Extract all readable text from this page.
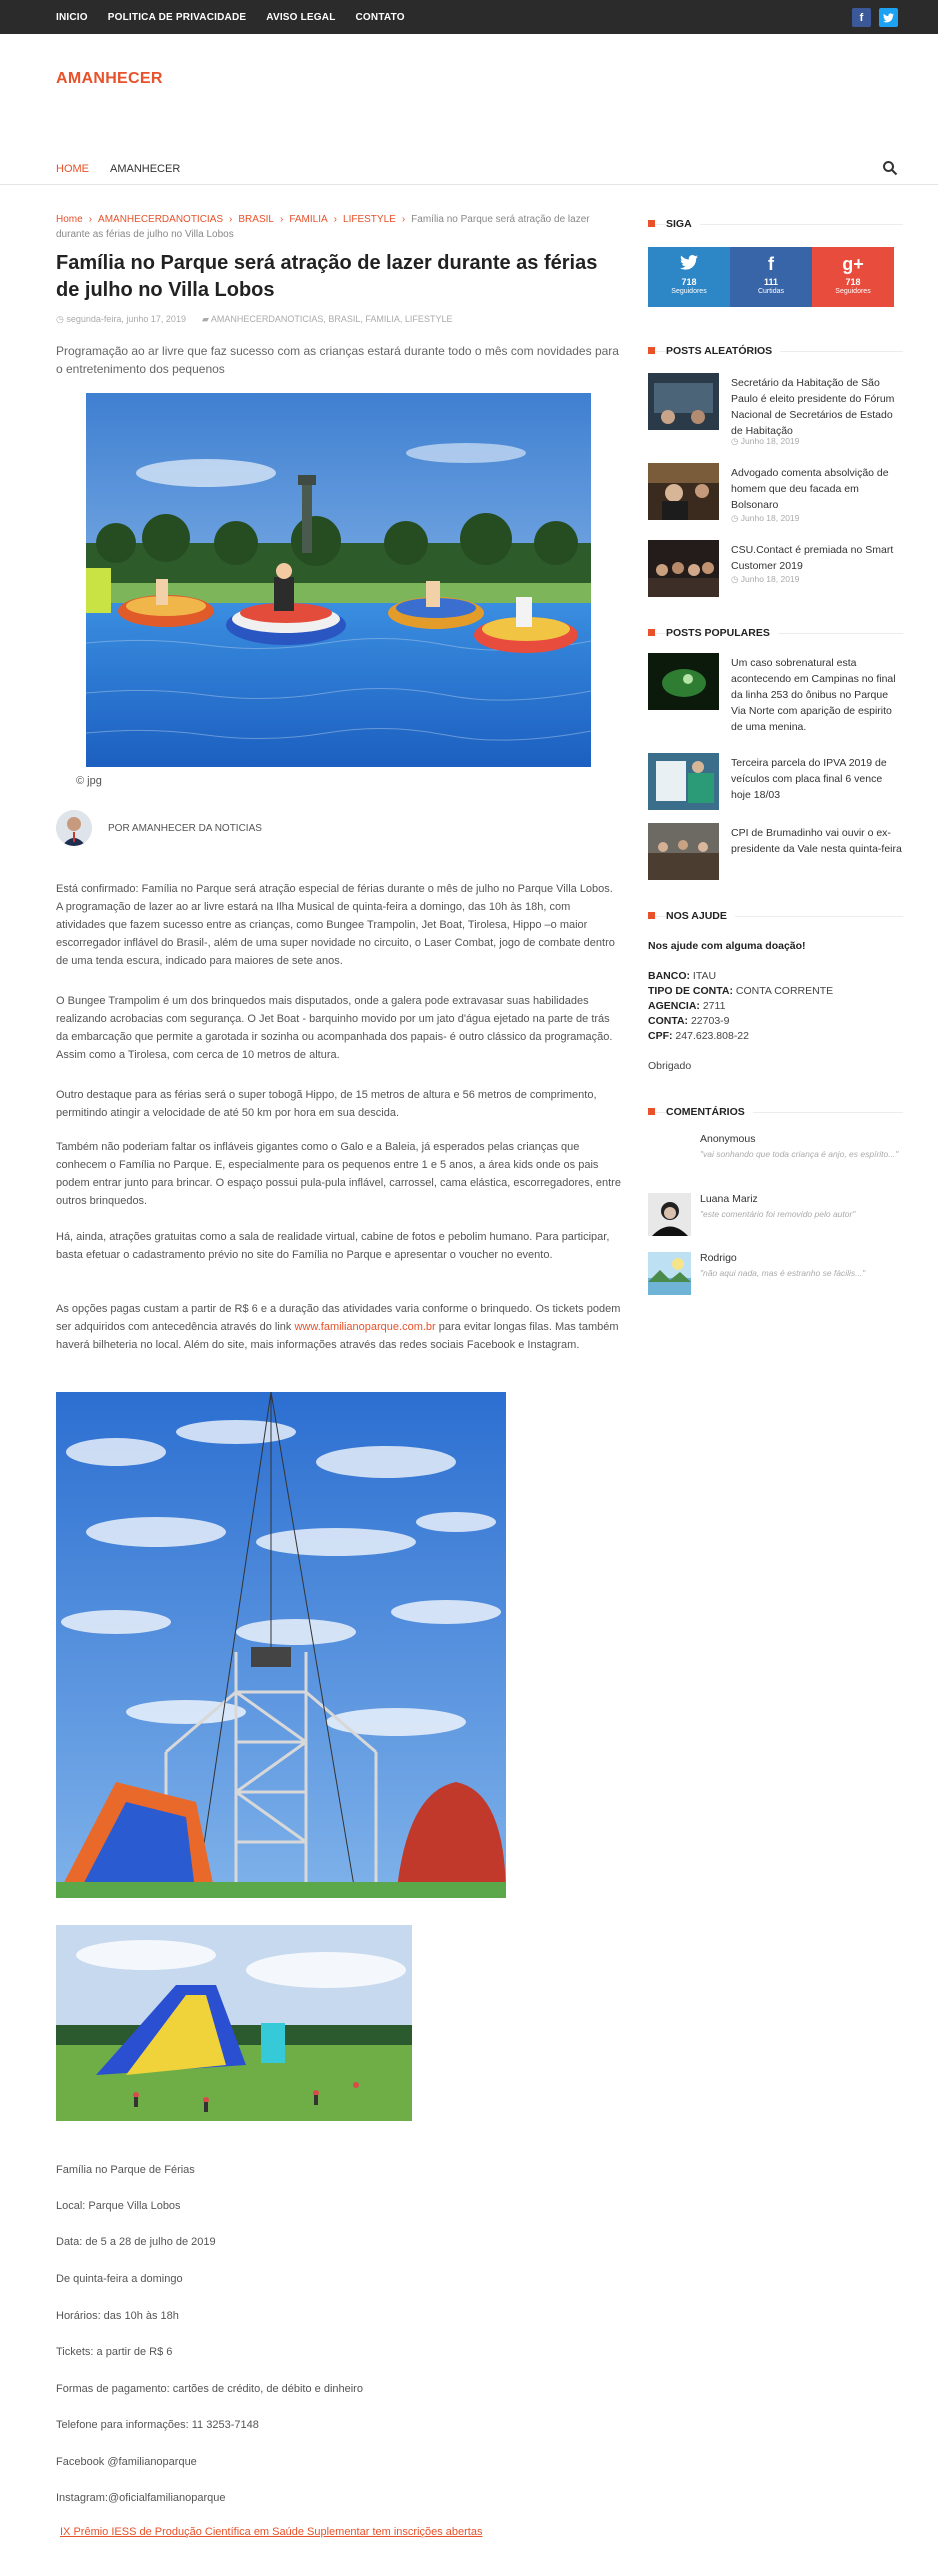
INICIO POLITICA DE PRIVACIDADE AVISO LEGAL CONTATO	f
AMANHECER
HOME AMANHECER
Home › AMANHECERDANOTICIAS › BRASIL › FAMILIA › LIFESTYLE › Família no Parque será atração de lazer durante as férias de julho no Villa Lobos
Família no Parque será atração de lazer durante as férias de julho no Villa Lobos
◷ segunda-feira, junho 17, 2019 ▰ AMANHECERDANOTICIAS, BRASIL, FAMILIA, LIFESTYLE

Programação ao ar livre que faz sucesso com as crianças estará durante todo o mês com novidades para o entretenimento dos pequenos

© jpg
POR AMANHECER DA NOTICIAS

Está confirmado: Família no Parque será atração especial de férias durante o mês de julho no Parque Villa Lobos. A programação de lazer ao ar livre estará na Ilha Musical de quinta-feira a domingo, das 10h às 18h, com atividades que fazem sucesso entre as crianças, como Bungee Trampolin, Jet Boat, Tirolesa, Hippo –o maior escorregador inflável do Brasil-, além de uma super novidade no circuito, o Laser Combat, jogo de combate dentro de uma tenda escura, indicado para maiores de sete anos.

O Bungee Trampolim é um dos brinquedos mais disputados, onde a galera pode extravasar suas habilidades realizando acrobacias com segurança. O Jet Boat - barquinho movido por um jato d'água ejetado na parte de trás da embarcação que permite a garotada ir sozinha ou acompanhada dos papais- é outro clássico da programação. Assim como a Tirolesa, com cerca de 10 metros de altura.

Outro destaque para as férias será o super tobogã Hippo, de 15 metros de altura e 56 metros de comprimento, permitindo atingir a velocidade de até 50 km por hora em sua descida.

Também não poderiam faltar os infláveis gigantes como o Galo e a Baleia, já esperados pelas crianças que conhecem o Família no Parque. E, especialmente para os pequenos entre 1 e 5 anos, a área kids onde os pais podem entrar junto para brincar. O espaço possui pula-pula inflável, carrossel, cama elástica, escorregadores, entre outros brinquedos.

Há, ainda, atrações gratuitas como a sala de realidade virtual, cabine de fotos e pebolim humano. Para participar, basta efetuar o cadastramento prévio no site do Família no Parque e apresentar o voucher no evento.

As opções pagas custam a partir de R$ 6 e a duração das atividades varia conforme o brinquedo. Os tickets podem ser adquiridos com antecedência através do link www.familianoparque.com.br para evitar longas filas. Mas também haverá bilheteria no local. Além do site, mais informações através das redes sociais Facebook e Instagram.

Família no Parque de Férias
Local: Parque Villa Lobos
Data: de 5 a 28 de julho de 2019
De quinta-feira a domingo
Horários: das 10h às 18h
Tickets: a partir de R$ 6
Formas de pagamento: cartões de crédito, de débito e dinheiro
Telefone para informações: 11 3253-7148
Facebook @familianoparque
Instagram:@oficialfamilianoparque
IX Prêmio IESS de Produção Científica em Saúde Suplementar tem inscrições abertas
SIGA
718
Seguidores
f
111
Curtidas
g+
718
Seguidores
POSTS ALEATÓRIOS
Secretário da Habitação de São Paulo é eleito presidente do Fórum Nacional de Secretários de Estado de Habitação
◷ Junho 18, 2019
Advogado comenta absolvição de homem que deu facada em Bolsonaro
◷ Junho 18, 2019
CSU.Contact é premiada no Smart Customer 2019
◷ Junho 18, 2019
POSTS POPULARES
Um caso sobrenatural esta acontecendo em Campinas no final da linha 253 do ônibus no Parque Via Norte com aparição de espirito de uma menina.
Terceira parcela do IPVA 2019 de veículos com placa final 6 vence hoje 18/03
CPI de Brumadinho vai ouvir o ex-presidente da Vale nesta quinta-feira
NOS AJUDE
Nos ajude com alguma doação!
BANCO: ITAU
TIPO DE CONTA: CONTA CORRENTE
AGENCIA: 2711
CONTA: 22703-9
CPF: 247.623.808-22
Obrigado
COMENTÁRIOS
Anonymous
"vai sonhando que toda criança é anjo, es espírito..."
Luana Mariz
"este comentário foi removido pelo autor"
Rodrigo
"não aqui nada, mas é estranho se fácilis..."
